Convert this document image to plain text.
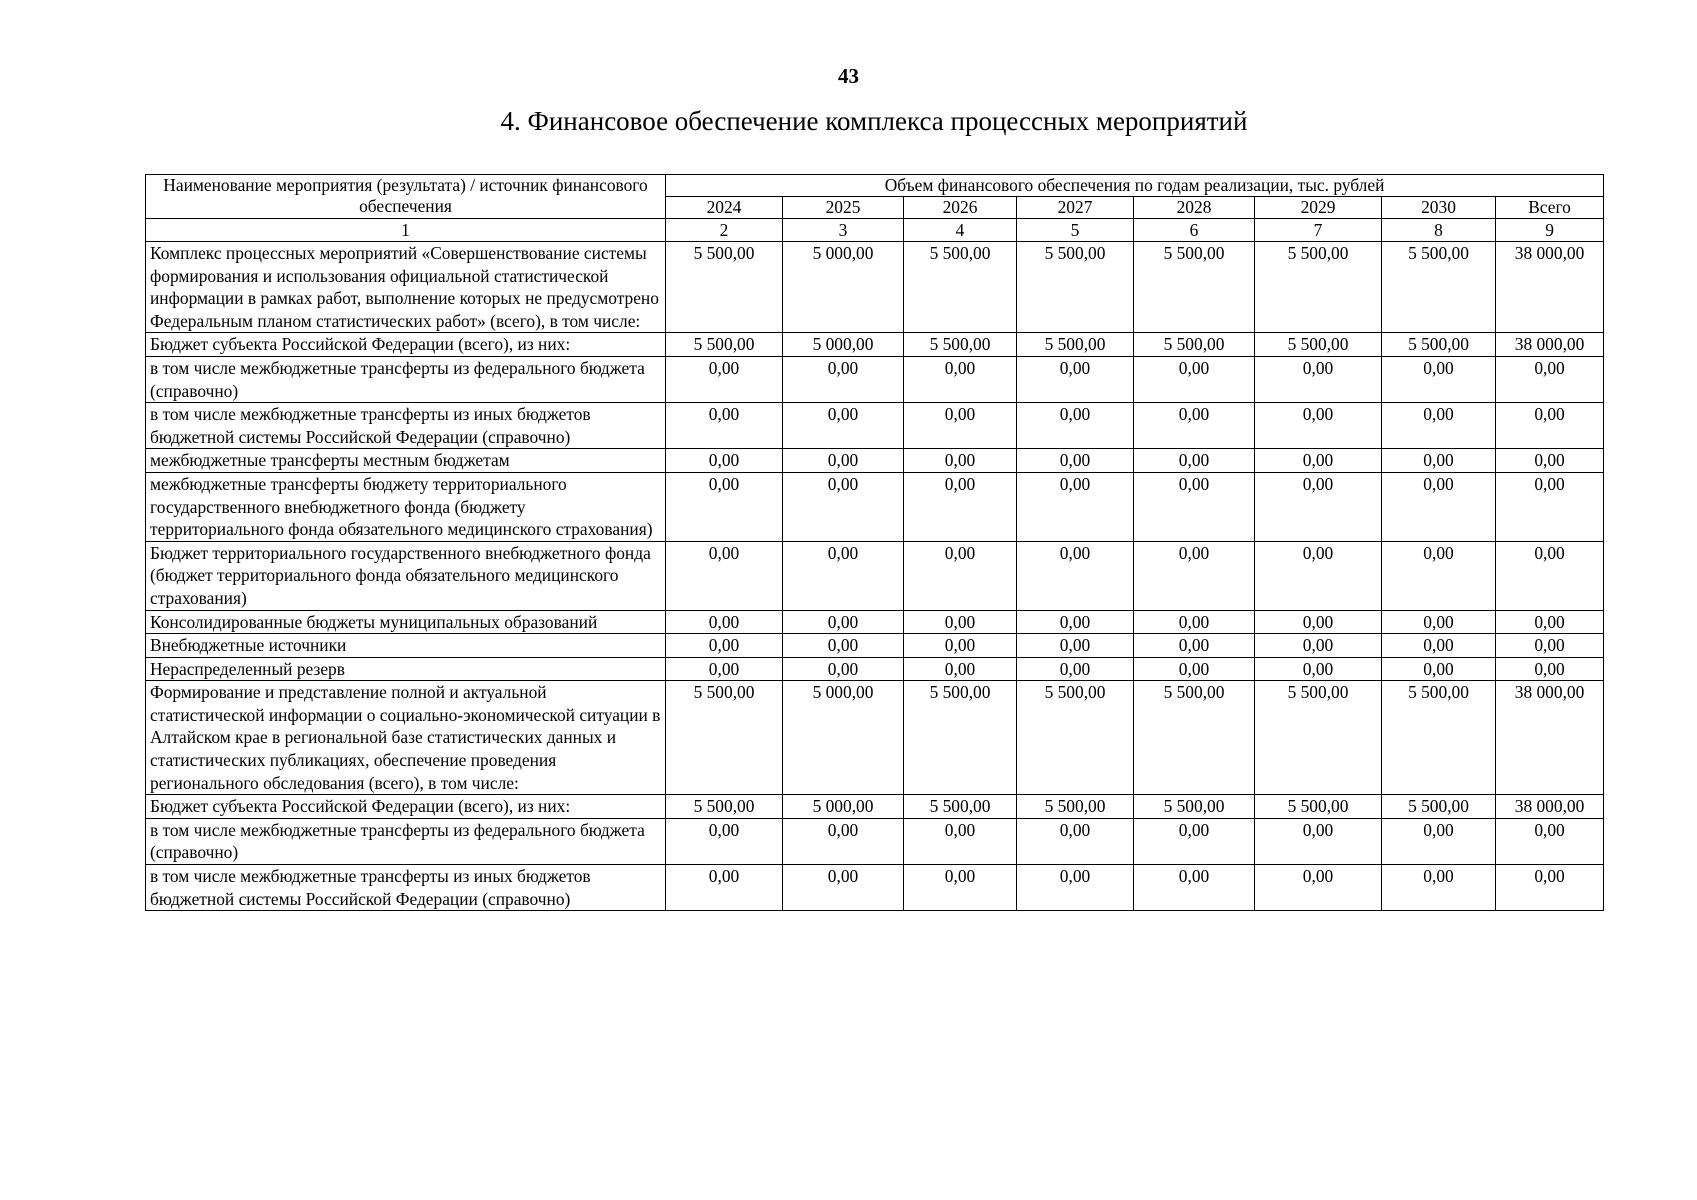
43
4. Финансовое обеспечение комплекса процессных мероприятий
Наименование мероприятия (результата) / источник финансового обеспечения	Объем финансового обеспечения по годам реализации, тыс. рублей							
	2024	2025	2026	2027	2028	2029	2030	Всего
1	2	3	4	5	6	7	8	9
Комплекс процессных мероприятий «Совершенствование системы формирования и использования официальной статистической информации в рамках работ, выполнение которых не предусмотрено Федеральным планом статистических работ» (всего), в том числе:	5 500,00	5 000,00	5 500,00	5 500,00	5 500,00	5 500,00	5 500,00	38 000,00
Бюджет субъекта Российской Федерации (всего), из них:	5 500,00	5 000,00	5 500,00	5 500,00	5 500,00	5 500,00	5 500,00	38 000,00
в том числе межбюджетные трансферты из федерального бюджета (справочно)	0,00	0,00	0,00	0,00	0,00	0,00	0,00	0,00
в том числе межбюджетные трансферты из иных бюджетов бюджетной системы Российской Федерации (справочно)	0,00	0,00	0,00	0,00	0,00	0,00	0,00	0,00
межбюджетные трансферты местным бюджетам	0,00	0,00	0,00	0,00	0,00	0,00	0,00	0,00
межбюджетные трансферты бюджету территориального государственного внебюджетного фонда (бюджету территориального фонда обязательного медицинского страхования)	0,00	0,00	0,00	0,00	0,00	0,00	0,00	0,00
Бюджет территориального государственного внебюджетного фонда (бюджет территориального фонда обязательного медицинского страхования)	0,00	0,00	0,00	0,00	0,00	0,00	0,00	0,00
Консолидированные бюджеты муниципальных образований	0,00	0,00	0,00	0,00	0,00	0,00	0,00	0,00
Внебюджетные источники	0,00	0,00	0,00	0,00	0,00	0,00	0,00	0,00
Нераспределенный резерв	0,00	0,00	0,00	0,00	0,00	0,00	0,00	0,00
Формирование и представление полной и актуальной статистической информации о социально-экономической ситуации в Алтайском крае в региональной базе статистических данных и статистических публикациях, обеспечение проведения регионального обследования (всего), в том числе:	5 500,00	5 000,00	5 500,00	5 500,00	5 500,00	5 500,00	5 500,00	38 000,00
Бюджет субъекта Российской Федерации (всего), из них:	5 500,00	5 000,00	5 500,00	5 500,00	5 500,00	5 500,00	5 500,00	38 000,00
в том числе межбюджетные трансферты из федерального бюджета (справочно)	0,00	0,00	0,00	0,00	0,00	0,00	0,00	0,00
в том числе межбюджетные трансферты из иных бюджетов бюджетной системы Российской Федерации (справочно)	0,00	0,00	0,00	0,00	0,00	0,00	0,00	0,00
